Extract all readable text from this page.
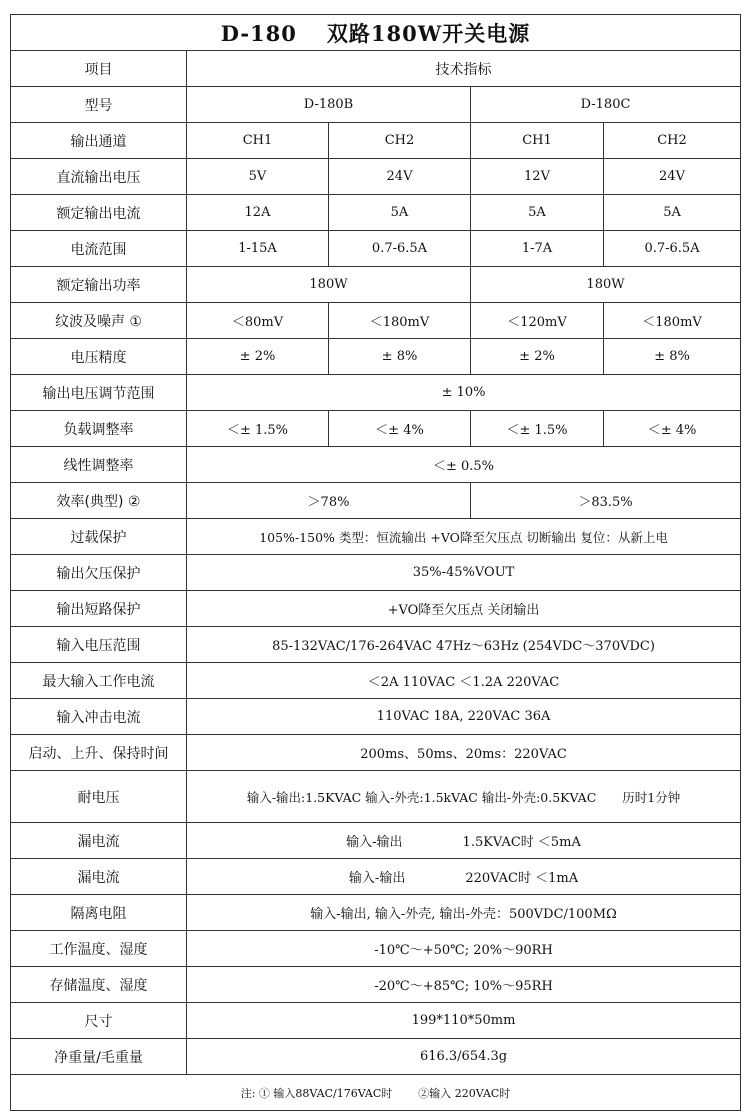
D-180 双路180W开关电源				
项目	技术指标			
型号	D-180B		D-180C	
输出通道	CH1	CH2	CH1	CH2
直流输出电压	5V	24V	12V	24V
额定输出电流	12A	5A	5A	5A
电流范围	1-15A	0.7-6.5A	1-7A	0.7-6.5A
额定输出功率	180W		180W	
纹波及噪声 ①	＜80mV	＜180mV	＜120mV	＜180mV
电压精度	± 2%	± 8%	± 2%	± 8%
输出电压调节范围	± 10%			
负载调整率	＜± 1.5%	＜± 4%	＜± 1.5%	＜± 4%
线性调整率	＜± 0.5%			
效率(典型) ②	＞78%		＞83.5%	
过载保护	105%-150% 类型：恒流输出 +VO降至欠压点 切断输出 复位：从新上电			
输出欠压保护	35%-45%VOUT			
输出短路保护	+VO降至欠压点 关闭输出			
输入电压范围	85-132VAC/176-264VAC 47Hz～63Hz (254VDC～370VDC)			
最大输入工作电流	＜2A 110VAC ＜1.2A 220VAC			
输入冲击电流	110VAC 18A, 220VAC 36A			
启动、上升、保持时间	200ms、50ms、20ms：220VAC			
耐电压	输入-输出:1.5KVAC 输入-外壳:1.5kVAC 输出-外壳:0.5KVAC 历时1分钟			
漏电流	输入-输出 1.5KVAC时 ＜5mA			
漏电流	输入-输出 220VAC时 ＜1mA			
隔离电阻	输入-输出, 输入-外壳, 输出-外壳：500VDC/100MΩ			
工作温度、湿度	-10℃～+50℃; 20%～90RH			
存储温度、湿度	-20℃～+85℃; 10%～95RH			
尺寸	199*110*50mm			
净重量/毛重量	616.3/654.3g			
注: ① 输入88VAC/176VAC时 ②输入 220VAC时				
